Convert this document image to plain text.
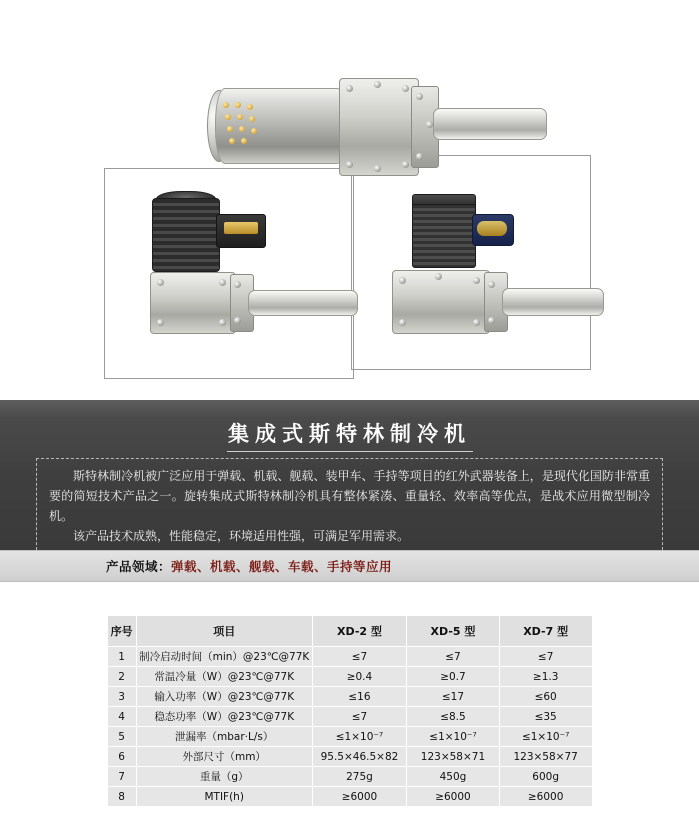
集成式斯特林制冷机

斯特林制冷机被广泛应用于弹载、机载、舰载、装甲车、手持等项目的红外武器装备上，是现代化国防非常重要的简短技术产品之一。旋转集成式斯特林制冷机具有整体紧凑、重量轻、效率高等优点，是战术应用微型制冷机。

该产品技术成熟，性能稳定，环境适用性强，可满足军用需求。

产品领域：弹载、机载、舰载、车载、手持等应用
序号	项目	XD-2 型	XD-5 型	XD-7 型
1	制冷启动时间（min）@23℃@77K	≤7	≤7	≤7
2	常温冷量（W）@23℃@77K	≥0.4	≥0.7	≥1.3
3	输入功率（W）@23℃@77K	≤16	≤17	≤60
4	稳态功率（W）@23℃@77K	≤7	≤8.5	≤35
5	泄漏率（mbar·L/s）	≤1×10⁻⁷	≤1×10⁻⁷	≤1×10⁻⁷
6	外部尺寸（mm）	95.5×46.5×82	123×58×71	123×58×77
7	重量（g）	275g	450g	600g
8	MTIF(h)	≥6000	≥6000	≥6000
